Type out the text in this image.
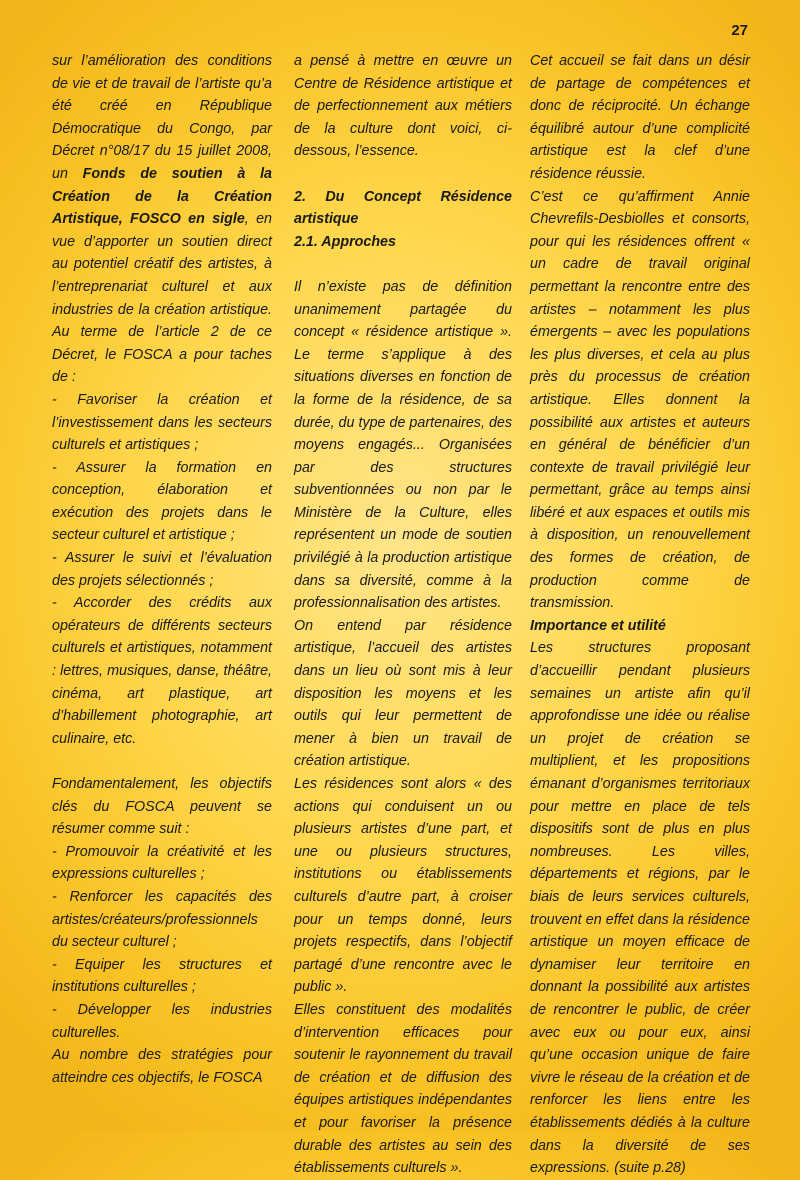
27

sur l’amélioration des conditions de vie et de travail de l’artiste qu’a été créé en République Démocratique du Congo, par Décret n°08/17 du 15 juillet 2008, un Fonds de soutien à la Création de la Création Artistique, FOSCO en sigle, en vue d’apporter un soutien direct au potentiel créatif des artistes, à l’entreprenariat culturel et aux industries de la création artistique. Au terme de l’article 2 de ce Décret, le FOSCA a pour taches de :

- Favoriser la création et l’investissement dans les secteurs culturels et artistiques ;

- Assurer la formation en conception, élaboration et exécution des projets dans le secteur culturel et artistique ;

- Assurer le suivi et l’évaluation des projets sélectionnés ;

- Accorder des crédits aux opérateurs de différents secteurs culturels et artistiques, notamment : lettres, musiques, danse, théâtre, cinéma, art plastique, art d’habillement photographie, art culinaire, etc.

Fondamentalement, les objectifs clés du FOSCA peuvent se résumer comme suit :

- Promouvoir la créativité et les expressions culturelles ;

- Renforcer les capacités des artistes/créateurs/professionnels du secteur culturel ;

- Equiper les structures et institutions culturelles ;

- Développer les industries culturelles.

Au nombre des stratégies pour atteindre ces objectifs, le FOSCA

a pensé à mettre en œuvre un Centre de Résidence artistique et de perfectionnement aux métiers de la culture dont voici, ci-dessous, l’essence.

2. Du Concept Résidence artistique

2.1. Approches

Il n’existe pas de définition unanimement partagée du concept « résidence artistique ». Le terme s’applique à des situations diverses en fonction de la forme de la résidence, de sa durée, du type de partenaires, des moyens engagés... Organisées par des structures subventionnées ou non par le Ministère de la Culture, elles représentent un mode de soutien privilégié à la production artistique dans sa diversité, comme à la professionnalisation des artistes.

On entend par résidence artistique, l’accueil des artistes dans un lieu où sont mis à leur disposition les moyens et les outils qui leur permettent de mener à bien un travail de création artistique.

Les résidences sont alors « des actions qui conduisent un ou plusieurs artistes d’une part, et une ou plusieurs structures, institutions ou établissements culturels d’autre part, à croiser pour un temps donné, leurs projets respectifs, dans l’objectif partagé d’une rencontre avec le public ».

Elles constituent des modalités d’intervention efficaces pour soutenir le rayonnement du travail de création et de diffusion des équipes artistiques indépendantes et pour favoriser la présence durable des artistes au sein des établissements culturels ».

Cet accueil se fait dans un désir de partage de compétences et donc de réciprocité. Un échange équilibré autour d’une complicité artistique est la clef d’une résidence réussie.

C’est ce qu’affirment Annie Chevrefils-Desbiolles et consorts, pour qui les résidences offrent « un cadre de travail original permettant la rencontre entre des artistes – notamment les plus émergents – avec les populations les plus diverses, et cela au plus près du processus de création artistique. Elles donnent la possibilité aux artistes et auteurs en général de bénéficier d’un contexte de travail privilégié leur permettant, grâce au temps ainsi libéré et aux espaces et outils mis à disposition, un renouvellement des formes de création, de production comme de transmission.

Importance et utilité

Les structures proposant d’accueillir pendant plusieurs semaines un artiste afin qu’il approfondisse une idée ou réalise un projet de création se multiplient, et les propositions émanant d’organismes territoriaux pour mettre en place de tels dispositifs sont de plus en plus nombreuses. Les villes, départements et régions, par le biais de leurs services culturels, trouvent en effet dans la résidence artistique un moyen efficace de dynamiser leur territoire en donnant la possibilité aux artistes de rencontrer le public, de créer avec eux ou pour eux, ainsi qu’une occasion unique de faire vivre le réseau de la création et de renforcer les liens entre les établissements dédiés à la culture dans la diversité de ses expressions. (suite p.28)
